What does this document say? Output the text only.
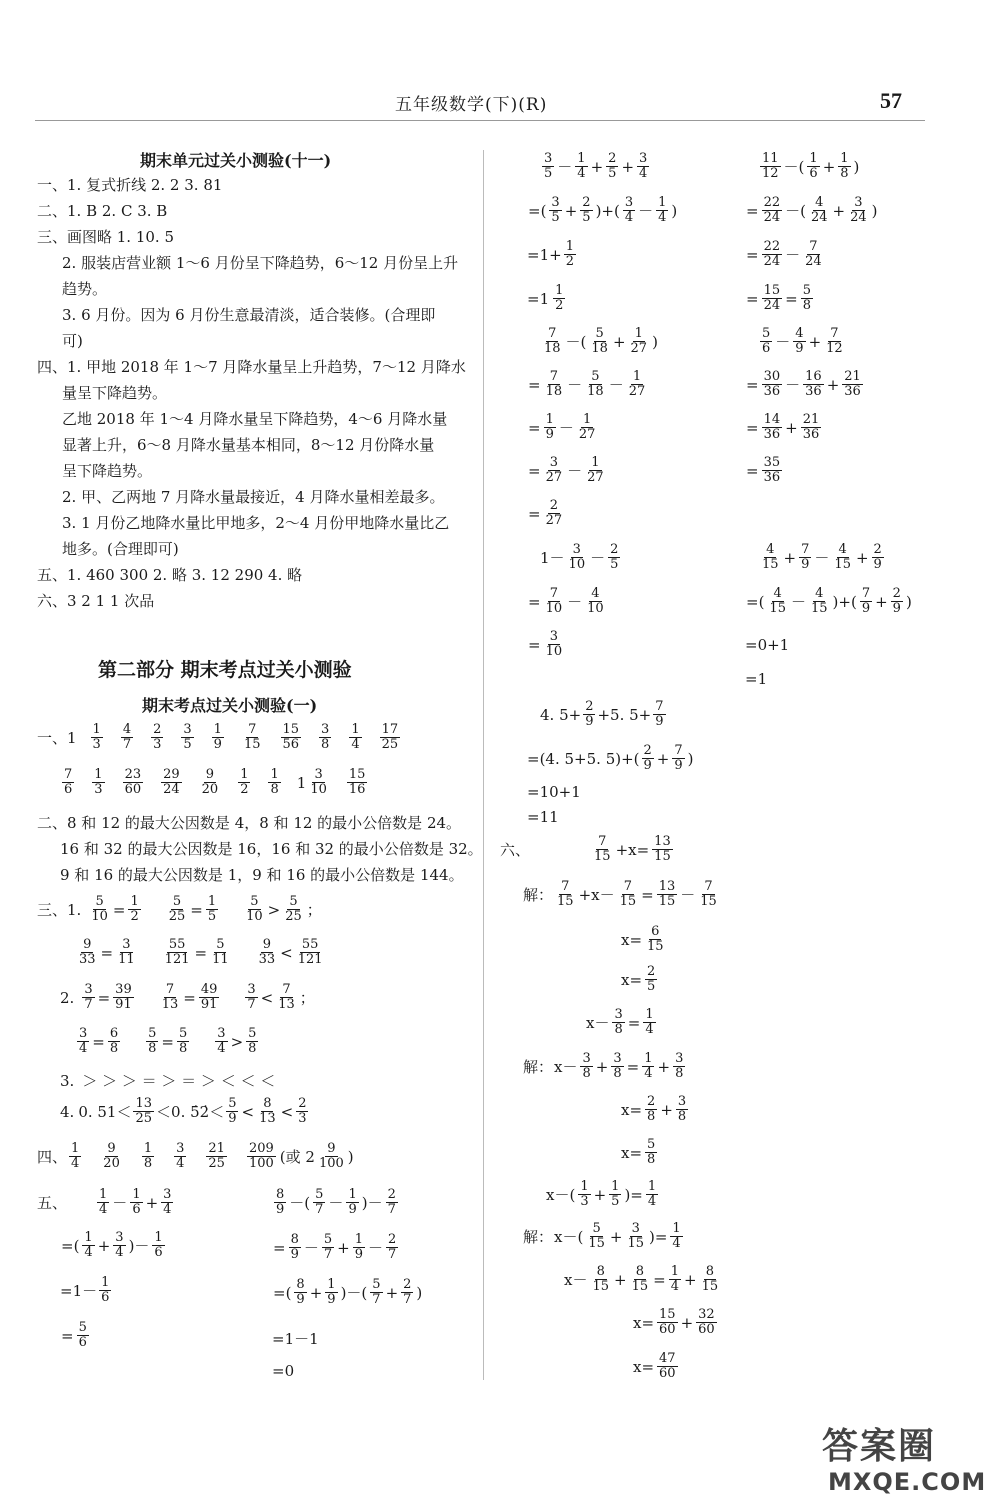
五年级数学(下)(R)	57
期末单元过关小测验(十一)
一、1. 复式折线 2. 2 3. 81
二、1. B 2. C 3. B
三、画图略 1. 10. 5
2. 服装店营业额 1～6 月份呈下降趋势，6～12 月份呈上升
趋势。
3. 6 月份。因为 6 月份生意最清淡，适合装修。(合理即
可)
四、1. 甲地 2018 年 1～7 月降水量呈上升趋势，7～12 月降水
量呈下降趋势。
乙地 2018 年 1～4 月降水量呈下降趋势，4～6 月降水量
显著上升，6～8 月降水量基本相同，8～12 月份降水量
呈下降趋势。
2. 甲、乙两地 7 月降水量最接近，4 月降水量相差最多。
3. 1 月份乙地降水量比甲地多，2～4 月份甲地降水量比乙
地多。(合理即可)
五、1. 460 300 2. 略 3. 12 290 4. 略
六、3 2 1 1 次品
第二部分 期末考点过关小测验
期末考点过关小测验(一)
一、$1 \frac{1}{3} \frac{4}{7} \frac{2}{3} \frac{3}{5} \frac{1}{9} \frac{7}{15} \frac{15}{56} \frac{3}{8} \frac{1}{4} \frac{17}{25}$
$\frac{7}{6} \frac{1}{3} \frac{23}{60} \frac{29}{24} \frac{9}{20} \frac{1}{2} \frac{1}{8} 1 \frac{3}{10} \frac{15}{16}$
二、8 和 12 的最大公因数是 4，8 和 12 的最小公倍数是 24。
16 和 32 的最大公因数是 16，16 和 32 的最小公倍数是 32。
9 和 16 的最大公因数是 1，9 和 16 的最小公倍数是 144。
三、1. $\frac{5}{10} = \frac{1}{2} \frac{5}{25} = \frac{1}{5} \frac{5}{10} > \frac{5}{25}$ ；
$\frac{9}{33} = \frac{3}{11} \frac{55}{121} = \frac{5}{11} \frac{9}{33} < \frac{55}{121}$
2. $\frac{3}{7} = \frac{39}{91} \frac{7}{13} = \frac{49}{91} \frac{3}{7} < \frac{7}{13}$ ；
$\frac{3}{4} = \frac{6}{8} \frac{5}{8} = \frac{5}{8} \frac{3}{4} > \frac{5}{8}$
3. ＞ ＞ ＞ ＝ ＞ ＝ ＞ ＜ ＜ ＜
4. 0. $51< \frac{13}{25} <0$. 5̇2̇＜ $\frac{5}{9} < \frac{8}{13} < \frac{2}{3}$
四、 $\frac{1}{4} \frac{9}{20} \frac{1}{8} \frac{3}{4} \frac{21}{25} \frac{209}{100}$ (或 $2 \frac{9}{100}$ )
五、 $\frac{1}{4} - \frac{1}{6} + \frac{3}{4}$
=( $\frac{1}{4} + \frac{3}{4}$ )－ $\frac{1}{6}$
$=1- \frac{1}{6}$
= $\frac{5}{6}$
$\frac{8}{9}$ －( $\frac{5}{7} - \frac{1}{9}$ )－ $\frac{2}{7}$
= $\frac{8}{9} - \frac{5}{7} + \frac{1}{9} - \frac{2}{7}$
=( $\frac{8}{9} + \frac{1}{9}$ )－( $\frac{5}{7} + \frac{2}{7}$ )
=1－1
=0
$\frac{3}{5} - \frac{1}{4} + \frac{2}{5} + \frac{3}{4}$
=( $\frac{3}{5} + \frac{2}{5}$ )+( $\frac{3}{4} - \frac{1}{4}$ )
$=1+ \frac{1}{2}$
$=1 \frac{1}{2}$
$\frac{7}{18}$ －( $\frac{5}{18} + \frac{1}{27}$ )
= $\frac{7}{18} - \frac{5}{18} - \frac{1}{27}$
= $\frac{1}{9} - \frac{1}{27}$
= $\frac{3}{27} - \frac{1}{27}$
= $\frac{2}{27}$
$1- \frac{3}{10} - \frac{2}{5}$
= $\frac{7}{10} - \frac{4}{10}$
= $\frac{3}{10}$
4. $5+ \frac{2}{9} +5$. $5+ \frac{7}{9}$
=(4. 5+5. $5)+( \frac{2}{9} + \frac{7}{9}$ )
=10+1
=11
六、	$\frac{7}{15} +x= \frac{13}{15}$
解： $\frac{7}{15} +x- \frac{7}{15} = \frac{13}{15} - \frac{7}{15}$
$x= \frac{6}{15}$
$x= \frac{2}{5}$
$x- \frac{3}{8} = \frac{1}{4}$
解： $x- \frac{3}{8} + \frac{3}{8} = \frac{1}{4} + \frac{3}{8}$
$x= \frac{2}{8} + \frac{3}{8}$
$x= \frac{5}{8}$
$x-( \frac{1}{3} + \frac{1}{5}$ )= $\frac{1}{4}$
解： $x-( \frac{5}{15} + \frac{3}{15}$ )= $\frac{1}{4}$
$x- \frac{8}{15} + \frac{8}{15} = \frac{1}{4} + \frac{8}{15}$
$x= \frac{15}{60} + \frac{32}{60}$
$x= \frac{47}{60}$
$\frac{11}{12}$ －( $\frac{1}{6} + \frac{1}{8}$ )
= $\frac{22}{24}$ －( $\frac{4}{24} + \frac{3}{24}$ )
= $\frac{22}{24} - \frac{7}{24}$
= $\frac{15}{24} = \frac{5}{8}$
$\frac{5}{6} - \frac{4}{9} + \frac{7}{12}$
= $\frac{30}{36} - \frac{16}{36} + \frac{21}{36}$
= $\frac{14}{36} + \frac{21}{36}$
= $\frac{35}{36}$
$\frac{4}{15} + \frac{7}{9} - \frac{4}{15} + \frac{2}{9}$
=( $\frac{4}{15} - \frac{4}{15}$ )+( $\frac{7}{9} + \frac{2}{9}$ )
=0+1
=1
答案圈
MXQE.COM
